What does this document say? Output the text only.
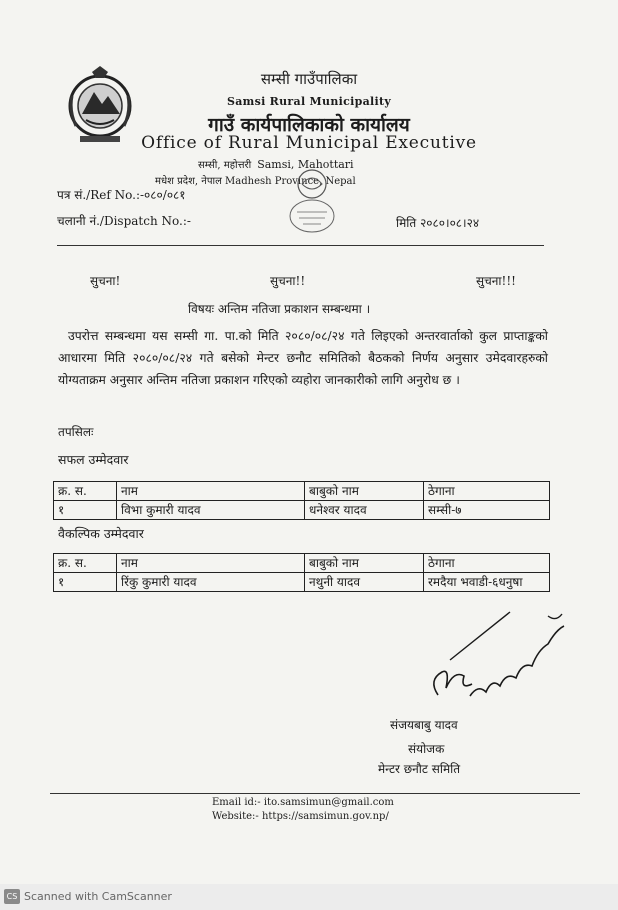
सम्सी गाउँपालिका
Samsi Rural Municipality
गाउँ कार्यपालिकाको कार्यालय
Office of Rural Municipal Executive
सम्सी, महोत्तरी Samsi, Mahottari
मधेश प्रदेश, नेपाल Madhesh Province, Nepal
पत्र सं./Ref No.:-०८०/०८१
चलानी नं./Dispatch No.:-	मिति २०८०।०८।२४
सुचना!	सुचना!!	सुचना!!!
विषयः अन्तिम नतिजा प्रकाशन सम्बन्धमा ।
उपरोत्त सम्बन्धमा यस सम्सी गा. पा.को मिति २०८०/०८/२४ गते लिइएको अन्तरवार्ताको कुल प्राप्ताङ्कको आधारमा मिति २०८०/०८/२४ गते बसेको मेन्टर छनौट समितिको बैठकको निर्णय अनुसार उमेदवारहरुको योग्यताक्रम अनुसार अन्तिम नतिजा प्रकाशन गरिएको व्यहोरा जानकारीको लागि अनुरोध छ ।
तपसिलः
सफल उम्मेदवार
क्र. स.	नाम	बाबुको नाम	ठेगाना
१	विभा कुमारी यादव	धनेश्वर यादव	सम्सी-७
वैकल्पिक उम्मेदवार
क्र. स.	नाम	बाबुको नाम	ठेगाना
१	रिंकु कुमारी यादव	नथुनी यादव	रमदैया भवाडी-६धनुषा
संजयबाबु यादव
संयोजक
मेन्टर छनौट समिति
Email id:- ito.samsimun@gmail.com
Website:- https://samsimun.gov.np/
CS Scanned with CamScanner
